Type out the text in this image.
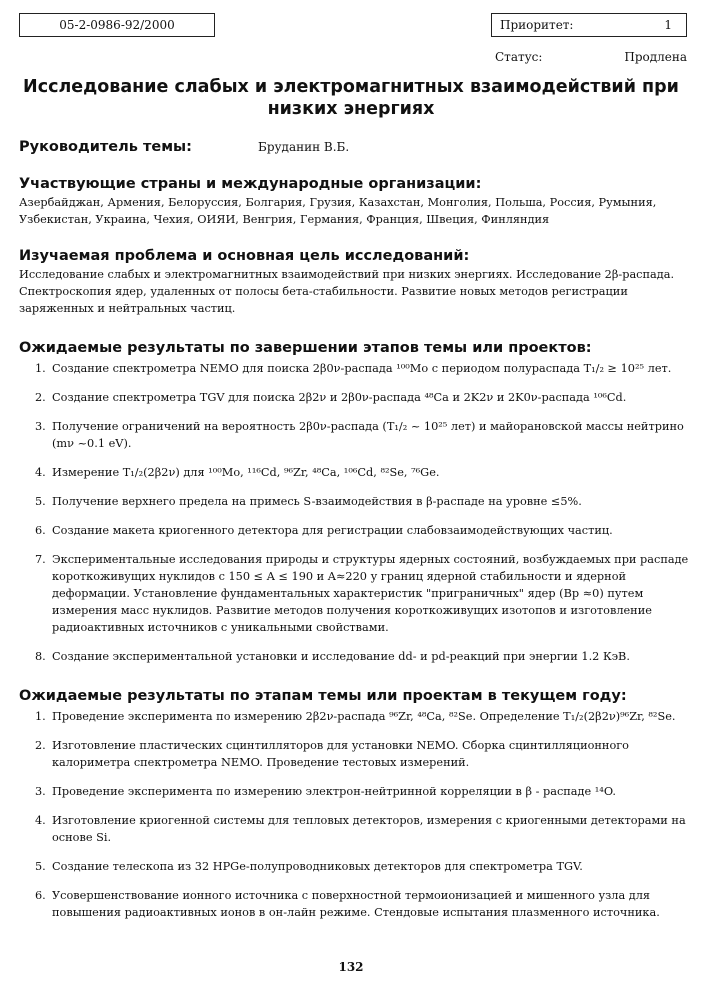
05-2-0986-92/2000	Приоритет:	1
Статус:	Продлена
Исследование слабых и электромагнитных взаимодействий при низких энергиях
Руководитель темы:	Бруданин В.Б.
Участвующие страны и международные организации:
Азербайджан, Армения, Белоруссия, Болгария, Грузия, Казахстан, Монголия, Польша, Россия, Румыния, Узбекистан, Украина, Чехия, ОИЯИ, Венгрия, Германия, Франция, Швеция, Финляндия
Изучаемая проблема и основная цель исследований:
Исследование слабых и электромагнитных взаимодействий при низких энергиях. Исследование 2β-распада. Спектроскопия ядер, удаленных от полосы бета-стабильности. Развитие новых методов регистрации заряженных и нейтральных частиц.
Ожидаемые результаты по завершении этапов темы или проектов:
1. Создание спектрометра NEMO для поиска 2β0ν-распада ¹⁰⁰Mo с периодом полураспада T₁/₂ ≥ 10²⁵ лет.
2. Создание спектрометра TGV для поиска 2β2ν и 2β0ν-распада ⁴⁸Ca и 2K2ν и 2K0ν-распада ¹⁰⁶Cd.
3. Получение ограничений на вероятность 2β0ν-распада (T₁/₂ ~ 10²⁵ лет) и майорановской массы нейтрино (mν ~0.1 eV).
4. Измерение T₁/₂(2β2ν) для ¹⁰⁰Mo, ¹¹⁶Cd, ⁹⁶Zr, ⁴⁸Ca, ¹⁰⁶Cd, ⁸²Se, ⁷⁶Ge.
5. Получение верхнего предела на примесь S-взаимодействия в β-распаде на уровне ≤5%.
6. Создание макета криогенного детектора для регистрации слабовзаимодействующих частиц.
7. Экспериментальные исследования природы и структуры ядерных состояний, возбуждаемых при распаде короткоживущих нуклидов с 150 ≤ A ≤ 190 и A≈220 у границ ядерной стабильности и ядерной деформации. Установление фундаментальных характеристик "приграничных" ядер (Bp ≈0) путем измерения масс нуклидов. Развитие методов получения короткоживущих изотопов и изготовление радиоактивных источников с уникальными свойствами.
8. Создание экспериментальной установки и исследование dd- и pd-реакций при энергии 1.2 КэВ.
Ожидаемые результаты по этапам темы или проектам в текущем году:
1. Проведение эксперимента по измерению 2β2ν-распада ⁹⁶Zr, ⁴⁸Ca, ⁸²Se. Определение T₁/₂(2β2ν)⁹⁶Zr, ⁸²Se.
2. Изготовление пластических сцинтилляторов для установки NEMO. Сборка сцинтилляционного калориметра спектрометра NEMO. Проведение тестовых измерений.
3. Проведение эксперимента по измерению электрон-нейтринной корреляции в β - распаде ¹⁴O.
4. Изготовление криогенной системы для тепловых детекторов, измерения с криогенными детекторами на основе Si.
5. Создание телескопа из 32 HPGe-полупроводниковых детекторов для спектрометра TGV.
6. Усовершенствование ионного источника с поверхностной термоионизацией и мишенного узла для повышения радиоактивных ионов в он-лайн режиме. Стендовые испытания плазменного источника.
132
